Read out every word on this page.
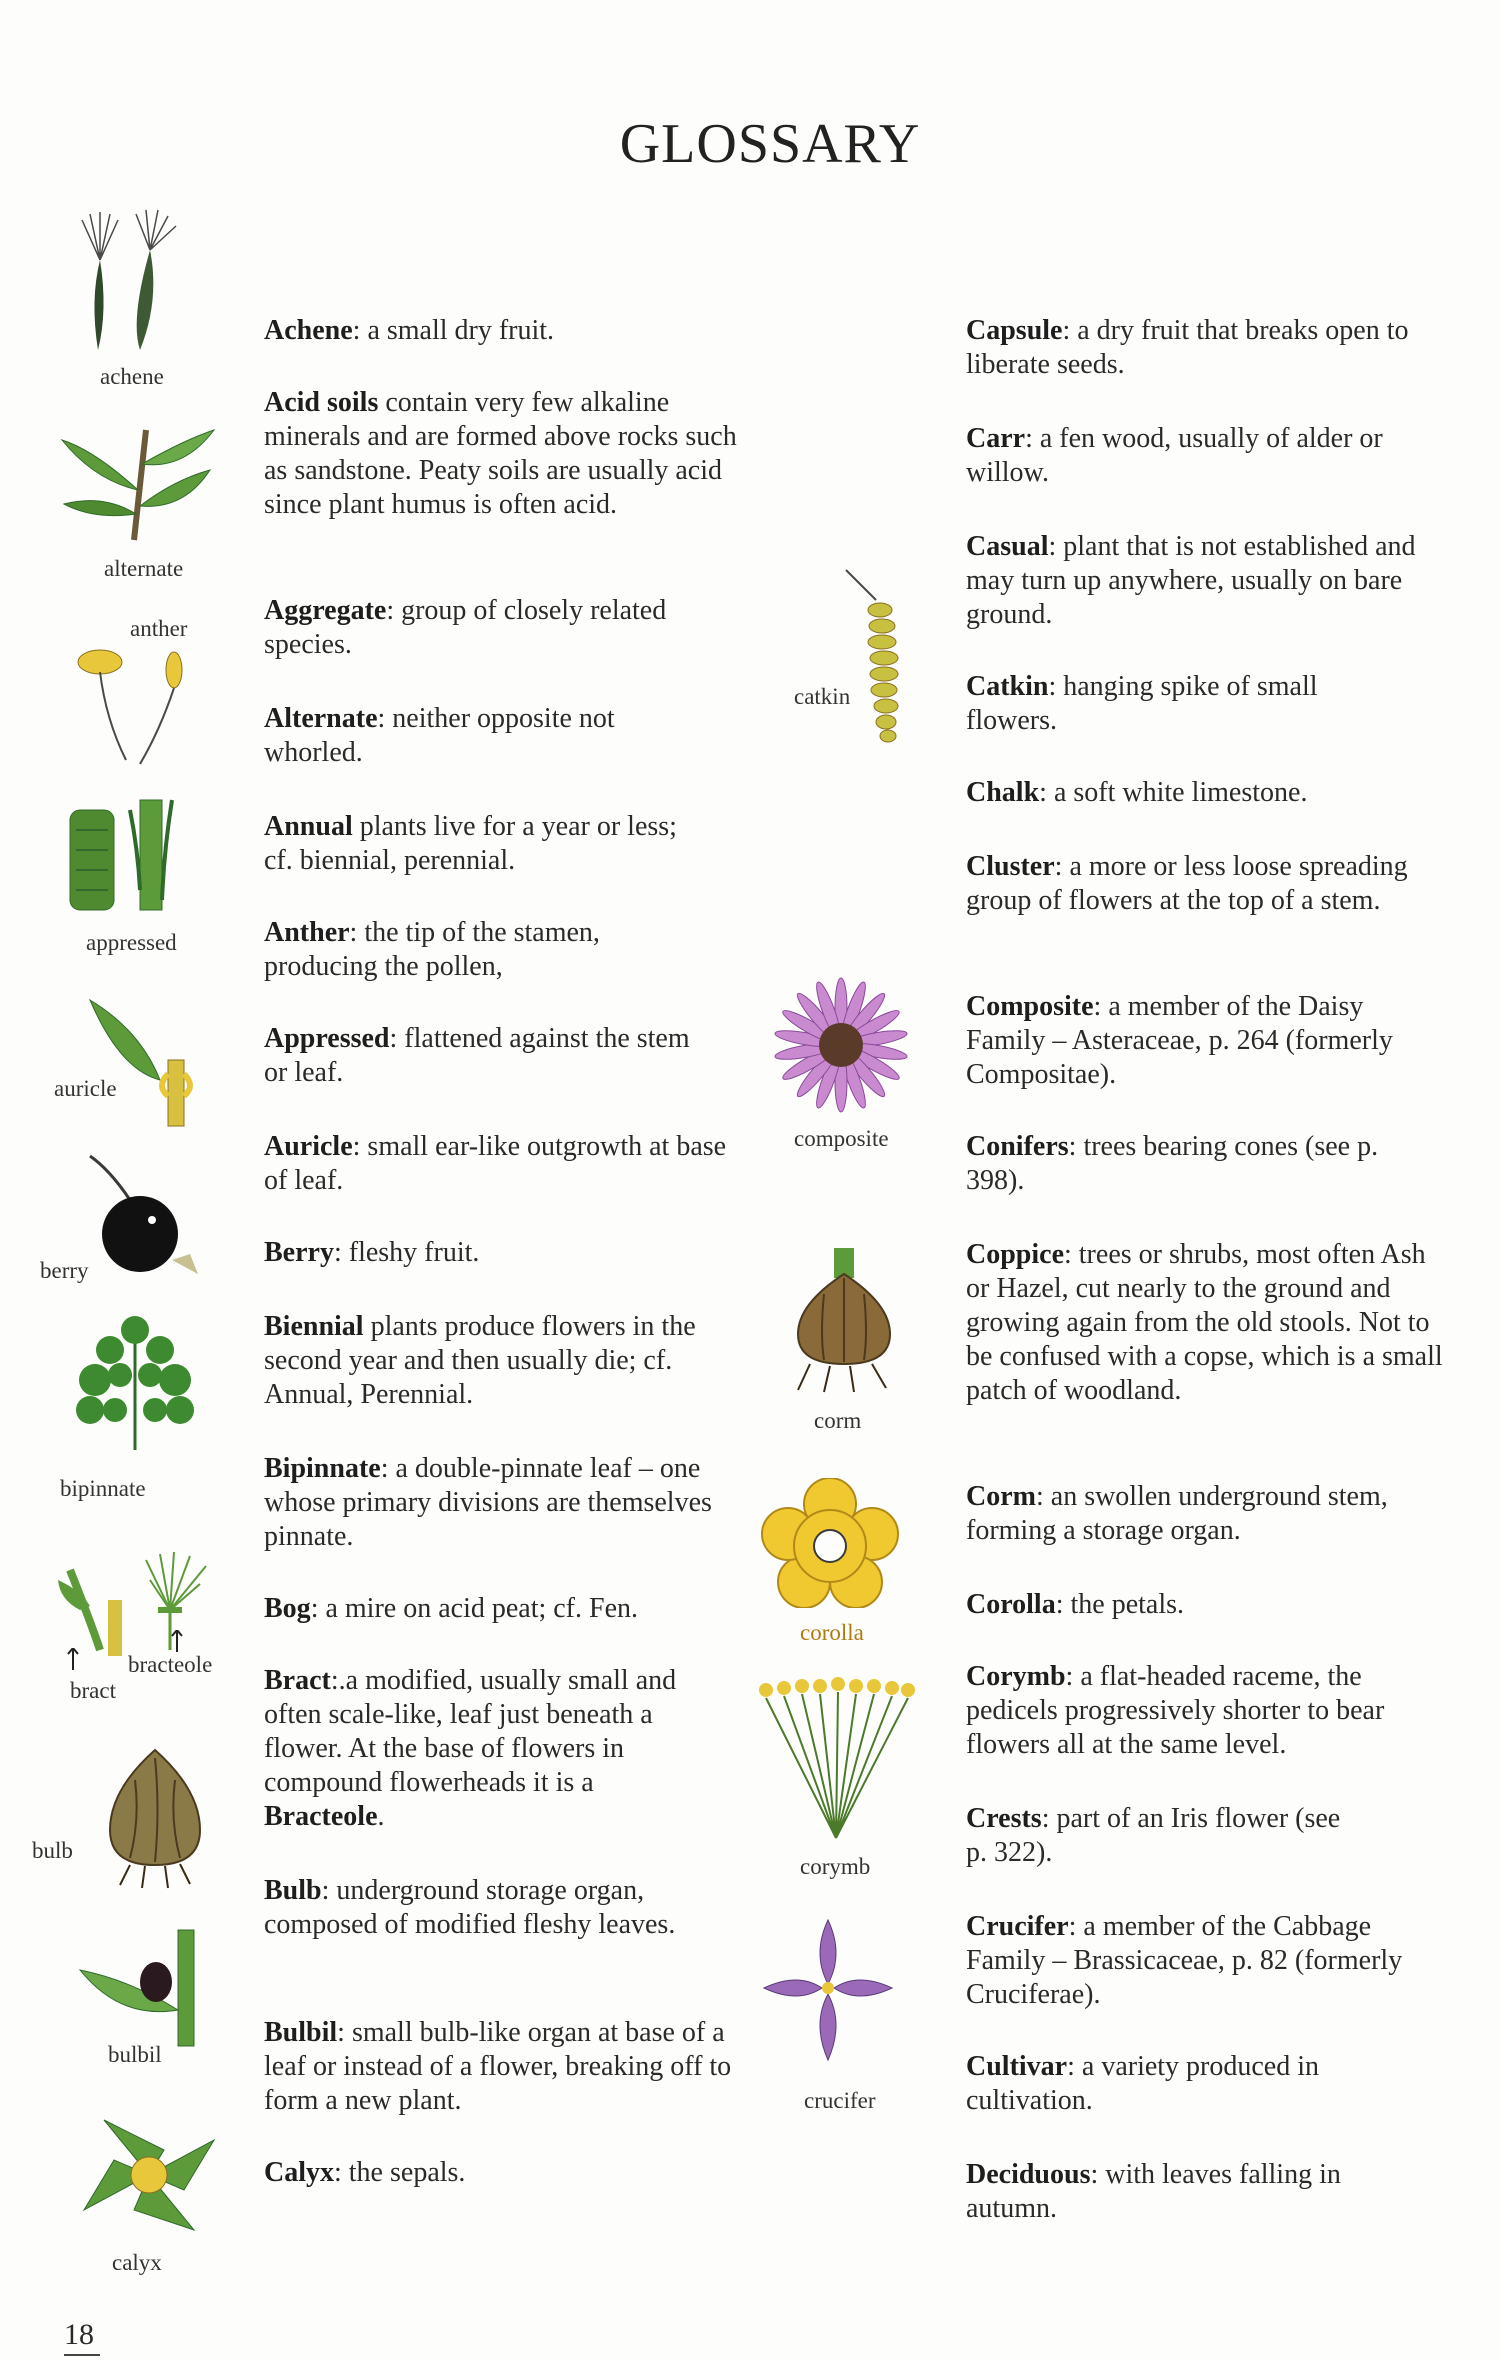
GLOSSARY
Achene: a small dry fruit.
Acid soils contain very few alkaline minerals and are formed above rocks such as sandstone. Peaty soils are usually acid since plant humus is often acid.
Aggregate: group of closely related species.
Alternate: neither opposite not whorled.
Annual plants live for a year or less; cf. biennial, perennial.
Anther: the tip of the stamen, producing the pollen,
Appressed: flattened against the stem or leaf.
Auricle: small ear-like outgrowth at base of leaf.
Berry: fleshy fruit.
Biennial plants produce flowers in the second year and then usually die; cf. Annual, Perennial.
Bipinnate: a double-pinnate leaf – one whose primary divisions are themselves pinnate.
Bog: a mire on acid peat; cf. Fen.
Bract:.a modified, usually small and often scale-like, leaf just beneath a flower. At the base of flowers in compound flowerheads it is a Bracteole.
Bulb: underground storage organ, composed of modified fleshy leaves.
Bulbil: small bulb-like organ at base of a leaf or instead of a flower, breaking off to form a new plant.
Calyx: the sepals.
Capsule: a dry fruit that breaks open to liberate seeds.
Carr: a fen wood, usually of alder or willow.
Casual: plant that is not established and may turn up anywhere, usually on bare ground.
Catkin: hanging spike of small flowers.
Chalk: a soft white limestone.
Cluster: a more or less loose spreading group of flowers at the top of a stem.
Composite: a member of the Daisy Family – Asteraceae, p. 264 (formerly Compositae).
Conifers: trees bearing cones (see p. 398).
Coppice: trees or shrubs, most often Ash or Hazel, cut nearly to the ground and growing again from the old stools. Not to be confused with a copse, which is a small patch of woodland.
Corm: an swollen underground stem, forming a storage organ.
Corolla: the petals.
Corymb: a flat-headed raceme, the pedicels progressively shorter to bear flowers all at the same level.
Crests: part of an Iris flower (see p. 322).
Crucifer: a member of the Cabbage Family – Brassicaceae, p. 82 (formerly Cruciferae).
Cultivar: a variety produced in cultivation.
Deciduous: with leaves falling in autumn.
achene
alternate
anther
appressed
auricle
berry
bipinnate
bracteole
bract
bulb
bulbil
calyx
catkin
composite
corm
corolla
corymb
crucifer
18
